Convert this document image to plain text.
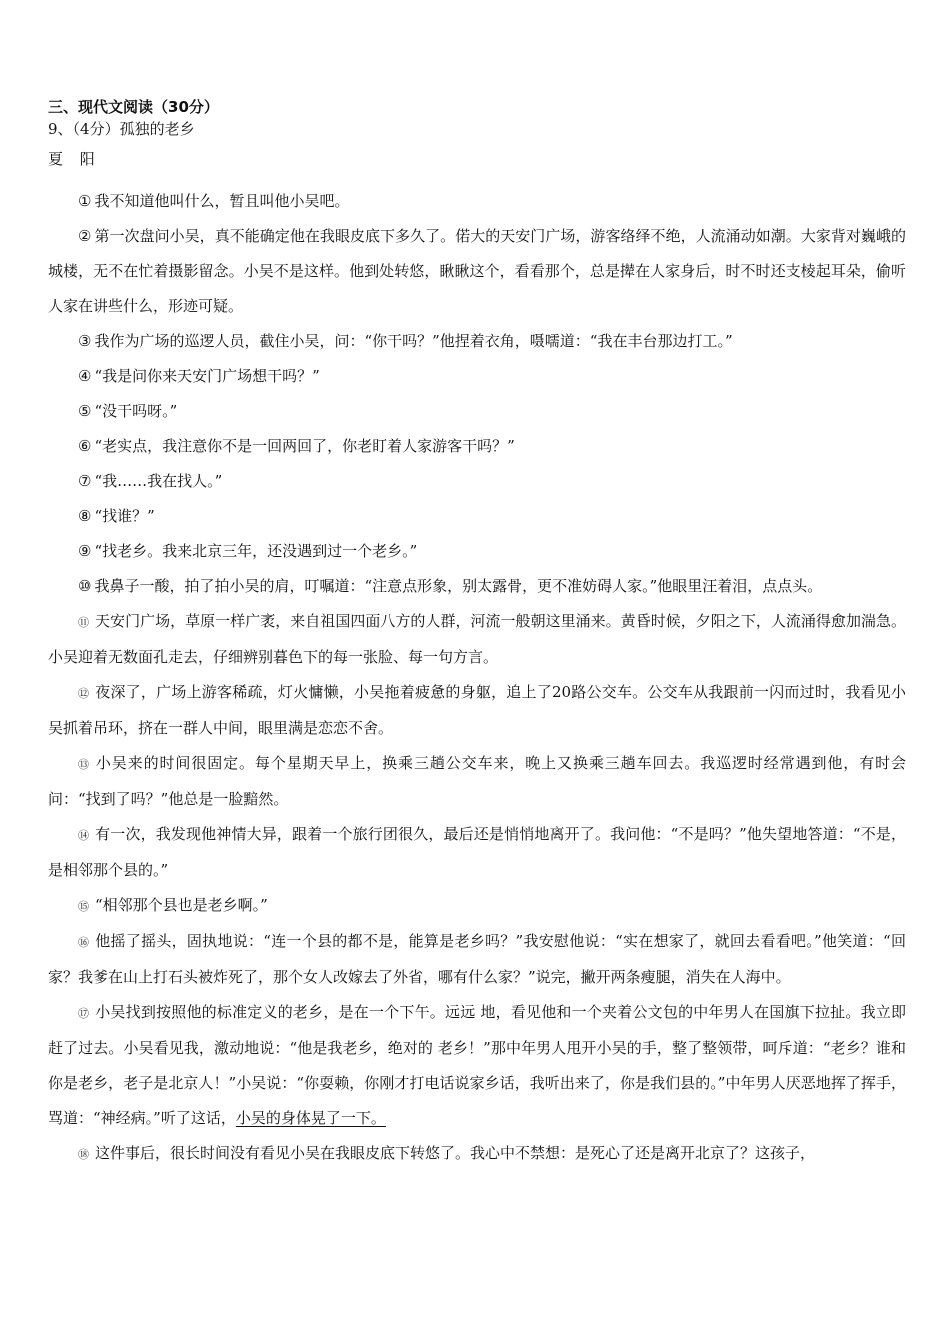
三、现代文阅读（30分）

9、（4分）孤独的老乡

夏 阳

① 我不知道他叫什么，暂且叫他小吴吧。

② 第一次盘问小吴，真不能确定他在我眼皮底下多久了。偌大的天安门广场，游客络绎不绝，人流涌动如潮。大家背对巍峨的城楼，无不在忙着摄影留念。小吴不是这样。他到处转悠，瞅瞅这个，看看那个，总是撵在人家身后，时不时还支棱起耳朵，偷听人家在讲些什么，形迹可疑。

③ 我作为广场的巡逻人员，截住小吴，问：“你干吗？”他捏着衣角，嗫嚅道：“我在丰台那边打工。”

④ “我是问你来天安门广场想干吗？”

⑤ “没干吗呀。”

⑥ “老实点，我注意你不是一回两回了，你老盯着人家游客干吗？”

⑦ “我……我在找人。”

⑧ “找谁？”

⑨ “找老乡。我来北京三年，还没遇到过一个老乡。”

⑩ 我鼻子一酸，拍了拍小吴的肩，叮嘱道：“注意点形象，别太露骨，更不准妨碍人家。”他眼里汪着泪，点点头。

⑪ 天安门广场，草原一样广袤，来自祖国四面八方的人群，河流一般朝这里涌来。黄昏时候，夕阳之下，人流涌得愈加湍急。小吴迎着无数面孔走去，仔细辨别暮色下的每一张脸、每一句方言。

⑫ 夜深了，广场上游客稀疏，灯火慵懒，小吴拖着疲惫的身躯，追上了20路公交车。公交车从我跟前一闪而过时，我看见小吴抓着吊环，挤在一群人中间，眼里满是恋恋不舍。

⑬ 小吴来的时间很固定。每个星期天早上，换乘三趟公交车来，晚上又换乘三趟车回去。我巡逻时经常遇到他，有时会问：“找到了吗？”他总是一脸黯然。

⑭ 有一次，我发现他神情大异，跟着一个旅行团很久，最后还是悄悄地离开了。我问他：“不是吗？”他失望地答道：“不是，是相邻那个县的。”

⑮ “相邻那个县也是老乡啊。”

⑯ 他摇了摇头，固执地说：“连一个县的都不是，能算是老乡吗？”我安慰他说：“实在想家了，就回去看看吧。”他笑道：“回家？我爹在山上打石头被炸死了，那个女人改嫁去了外省，哪有什么家？”说完，撇开两条瘦腿，消失在人海中。

⑰ 小吴找到按照他的标准定义的老乡，是在一个下午。远远 地，看见他和一个夹着公文包的中年男人在国旗下拉扯。我立即赶了过去。小吴看见我，激动地说：“他是我老乡，绝对的 老乡！”那中年男人甩开小吴的手，整了整领带，呵斥道：“老乡？谁和你是老乡，老子是北京人！”小吴说：“你耍赖，你刚才打电话说家乡话，我听出来了，你是我们县的。”中年男人厌恶地挥了挥手，骂道：“神经病。”听了这话，小吴的身体晃了一下。

⑱ 这件事后，很长时间没有看见小吴在我眼皮底下转悠了。我心中不禁想：是死心了还是离开北京了？这孩子，
